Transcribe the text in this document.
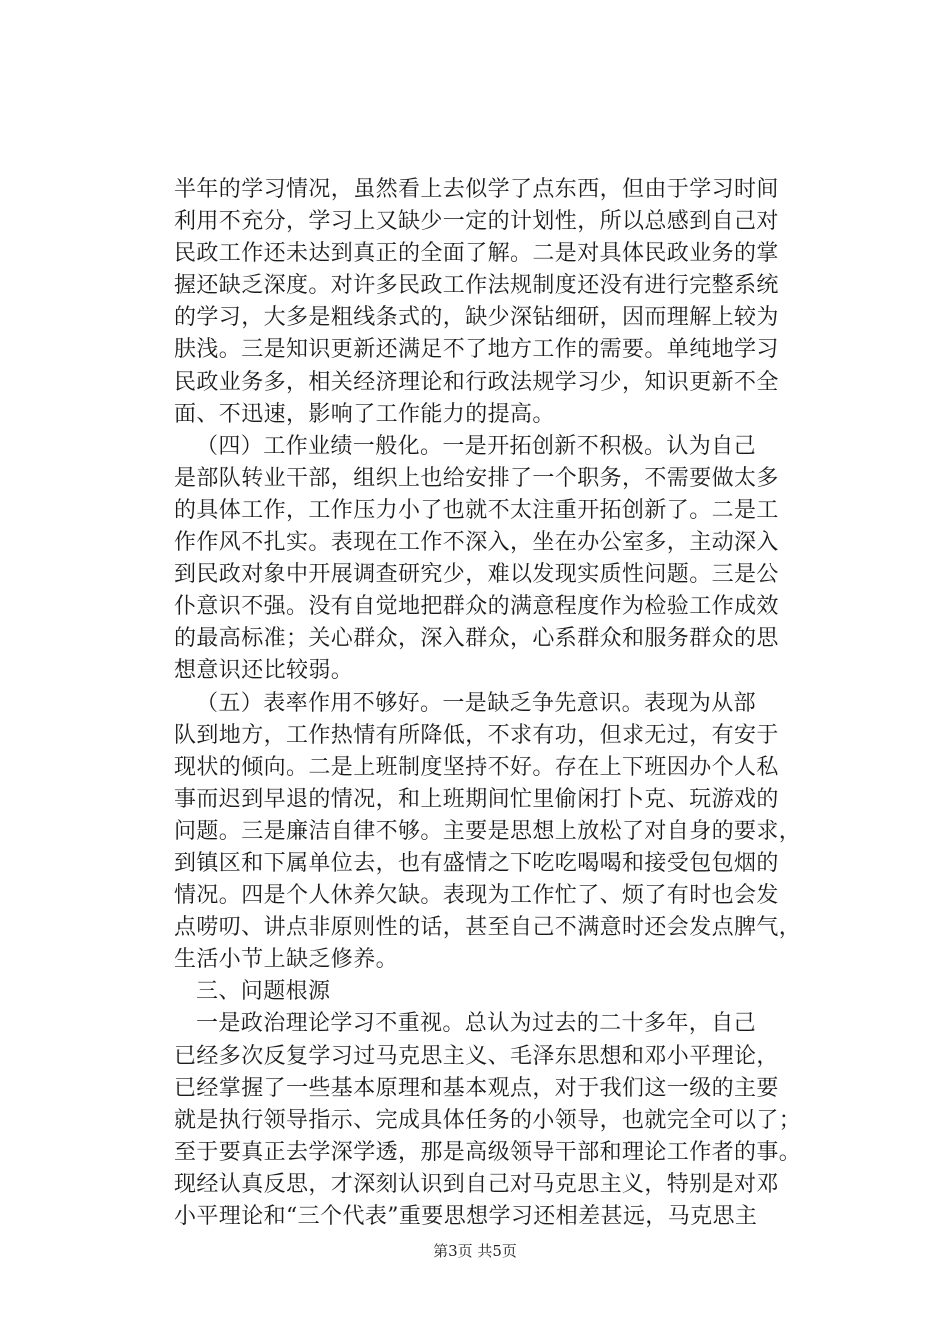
半年的学习情况，虽然看上去似学了点东西，但由于学习时间
利用不充分，学习上又缺少一定的计划性，所以总感到自己对
民政工作还未达到真正的全面了解。二是对具体民政业务的掌
握还缺乏深度。对许多民政工作法规制度还没有进行完整系统
的学习，大多是粗线条式的，缺少深钻细研，因而理解上较为
肤浅。三是知识更新还满足不了地方工作的需要。单纯地学习
民政业务多，相关经济理论和行政法规学习少，知识更新不全
面、不迅速，影响了工作能力的提高。
（四）工作业绩一般化。一是开拓创新不积极。认为自己
是部队转业干部，组织上也给安排了一个职务，不需要做太多
的具体工作，工作压力小了也就不太注重开拓创新了。二是工
作作风不扎实。表现在工作不深入，坐在办公室多，主动深入
到民政对象中开展调查研究少，难以发现实质性问题。三是公
仆意识不强。没有自觉地把群众的满意程度作为检验工作成效
的最高标准；关心群众，深入群众，心系群众和服务群众的思
想意识还比较弱。
（五）表率作用不够好。一是缺乏争先意识。表现为从部
队到地方，工作热情有所降低，不求有功，但求无过，有安于
现状的倾向。二是上班制度坚持不好。存在上下班因办个人私
事而迟到早退的情况，和上班期间忙里偷闲打卜克、玩游戏的
问题。三是廉洁自律不够。主要是思想上放松了对自身的要求，
到镇区和下属单位去，也有盛情之下吃吃喝喝和接受包包烟的
情况。四是个人休养欠缺。表现为工作忙了、烦了有时也会发
点唠叨、讲点非原则性的话，甚至自己不满意时还会发点脾气，
生活小节上缺乏修养。
三、问题根源
一是政治理论学习不重视。总认为过去的二十多年，自己
已经多次反复学习过马克思主义、毛泽东思想和邓小平理论，
已经掌握了一些基本原理和基本观点，对于我们这一级的主要
就是执行领导指示、完成具体任务的小领导，也就完全可以了；
至于要真正去学深学透，那是高级领导干部和理论工作者的事。
现经认真反思，才深刻认识到自己对马克思主义，特别是对邓
小平理论和“三个代表”重要思想学习还相差甚远，马克思主
第3页 共5页
